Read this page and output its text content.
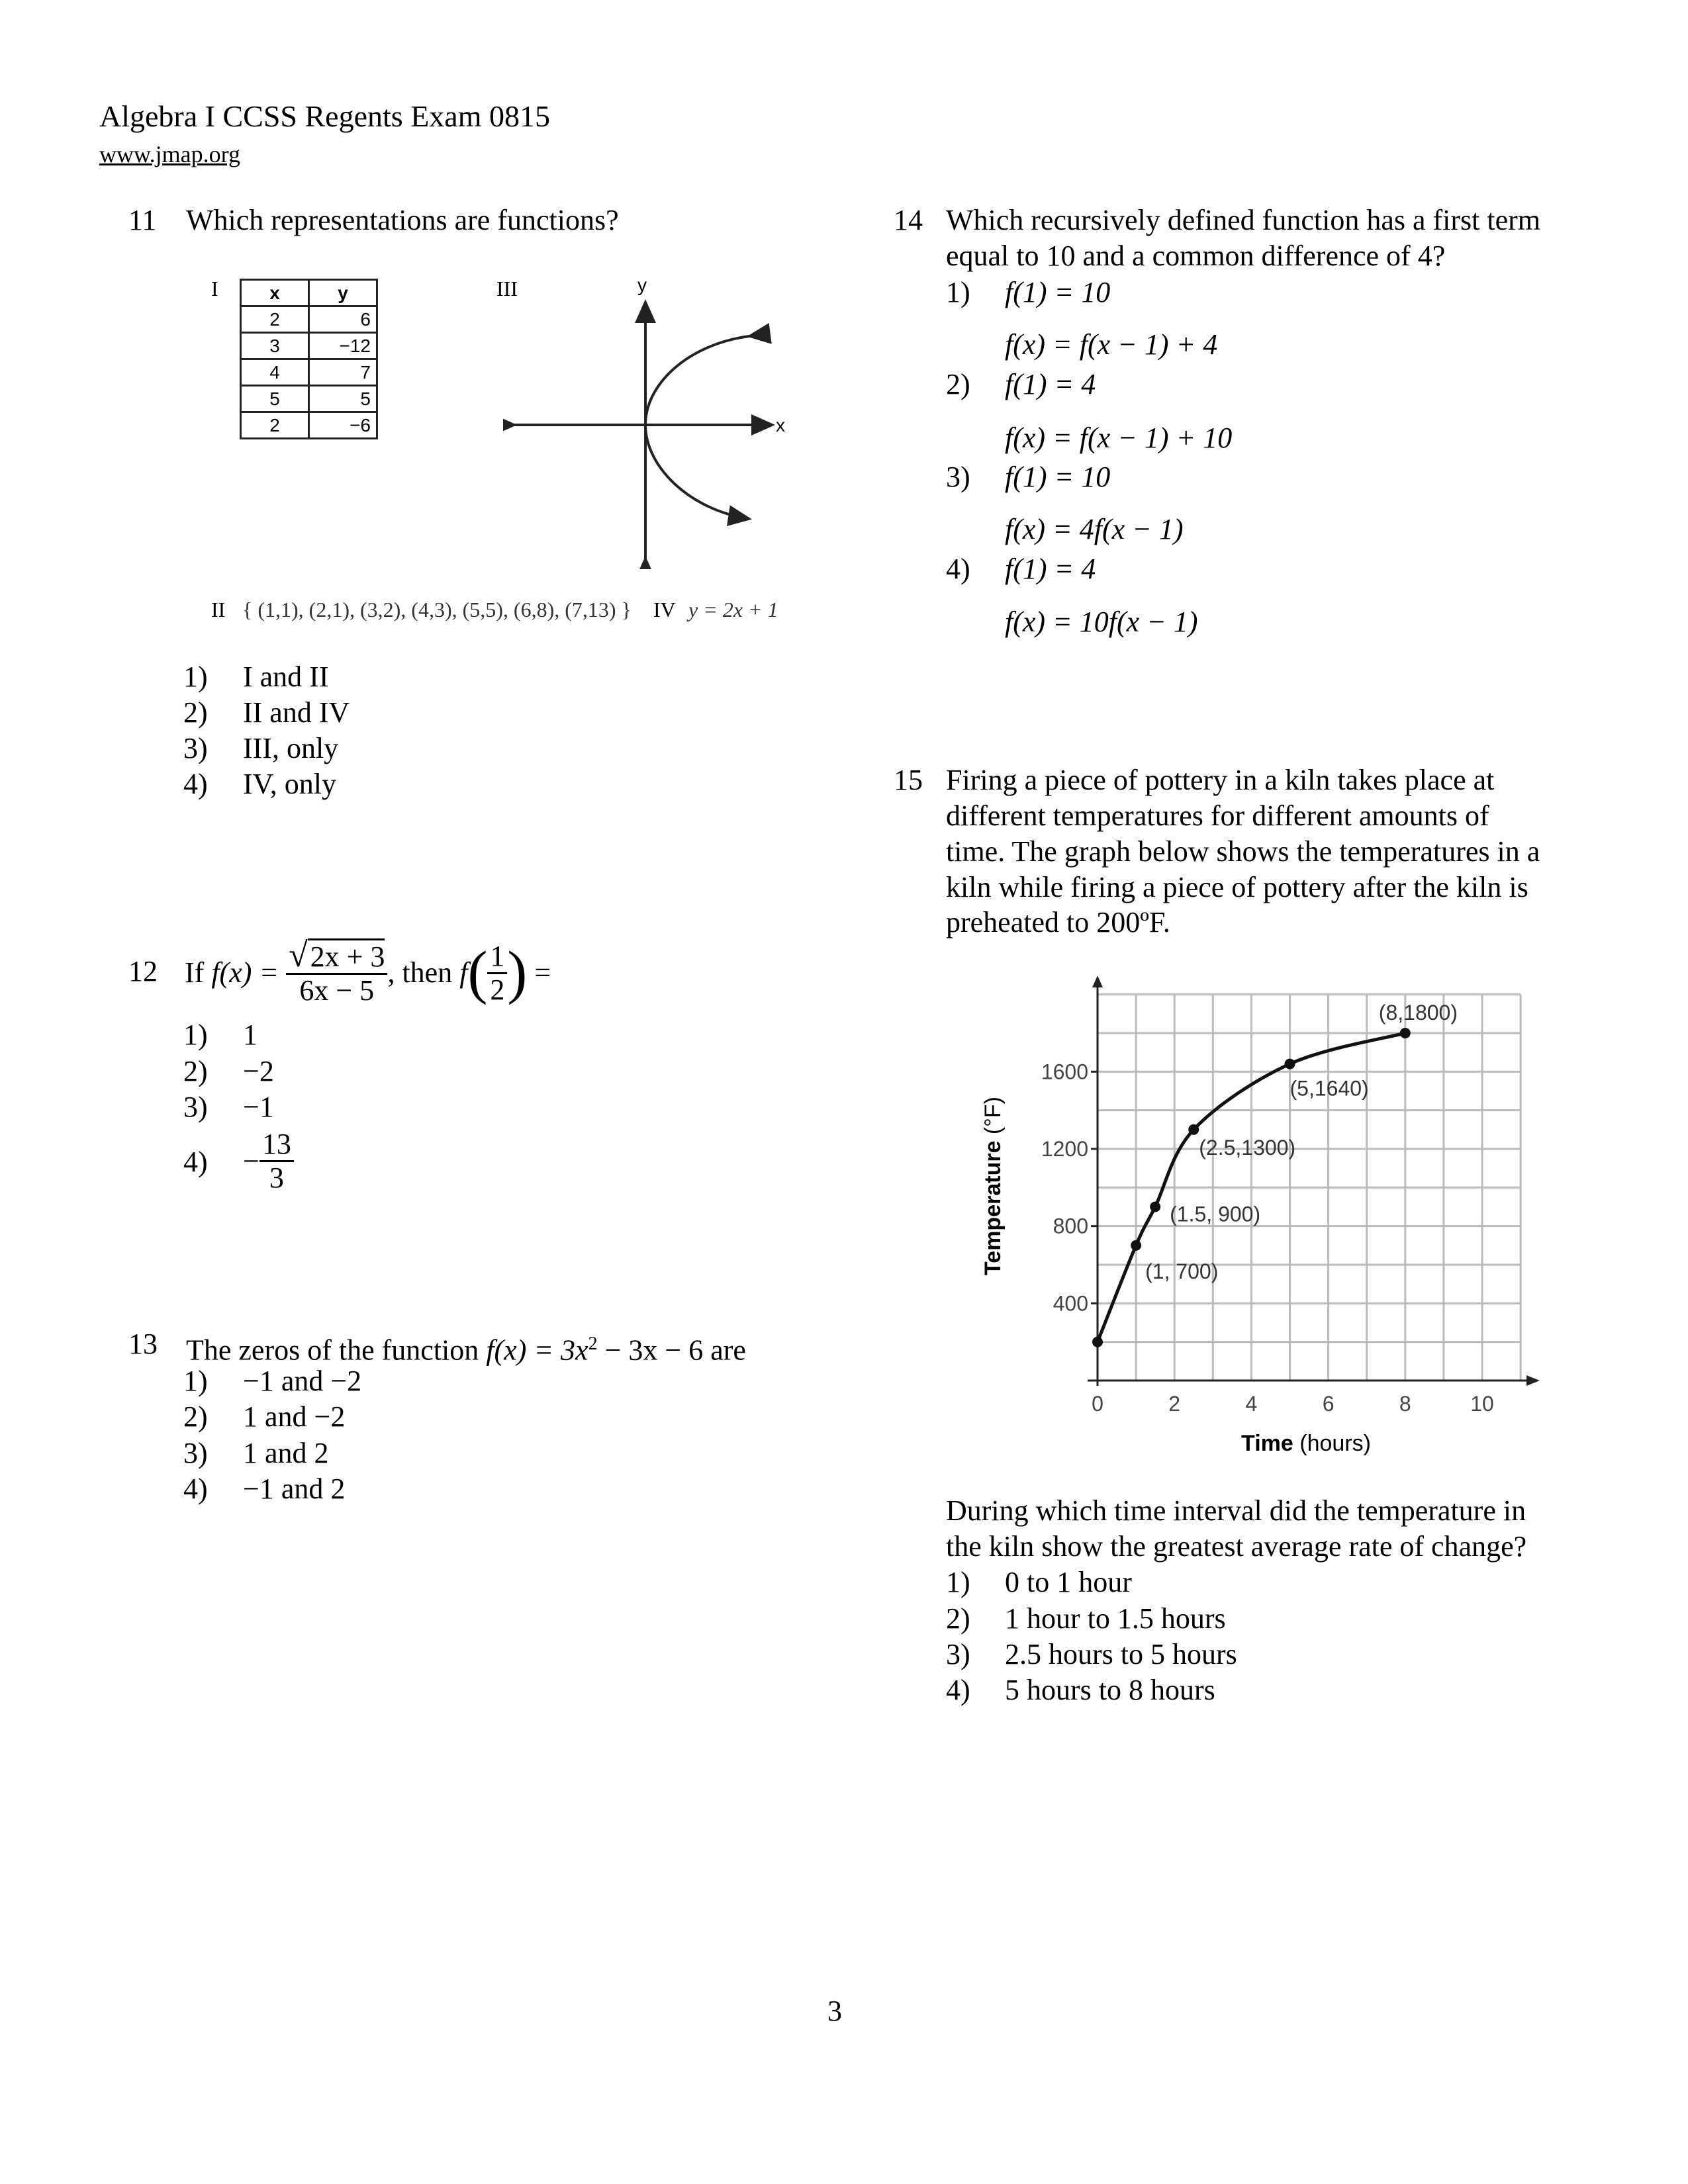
Algebra I CCSS Regents Exam 0815
www.jmap.org
11 Which representations are functions?
I	x	y
2	6
3	−12
4	7
5	5
2	−6
III
x
y
II { (1,1), (2,1), (3,2), (4,3), (5,5), (6,8), (7,13) } IV y = 2x + 1
1) I and II
2) II and IV
3) III, only
4) IV, only
12 If
f(x) =
$\frac{√2x + 3}{6x - 5}$ , then
f ( $\frac{1}{2}$ )
=
1) 1
2) −2
3) −1
$4) - \frac{13}{3}$
13 The zeros of the function $f(x) = 3x^2 - 3x - 6$ are
1) −1 and −2
2) 1 and −2
3) 1 and 2
4) −1 and 2
14 Which recursively defined function has a first term
equal to 10 and a common difference of 4?
1) f(1) = 10
f(x) = f(x − 1) + 4
2) f(1) = 4
f(x) = f(x − 1) + 10
3) f(1) = 10
f(x) = 4f(x − 1)
4) f(1) = 4
f(x) = 10f(x − 1)
15 Firing a piece of pottery in a kiln takes place at
different temperatures for different amounts of
time. The graph below shows the temperatures in a
kiln while firing a piece of pottery after the kiln is
preheated to 200ºF.
0	2	4	6	8	10
400
800
1200
1600
(1, 700)
(1.5, 900)
(2.5,1300)
(5,1640)
(8,1800)
Time (hours)
Temperature (°F)
During which time interval did the temperature in
the kiln show the greatest average rate of change?
1) 0 to 1 hour
2) 1 hour to 1.5 hours
3) 2.5 hours to 5 hours
4) 5 hours to 8 hours
3
